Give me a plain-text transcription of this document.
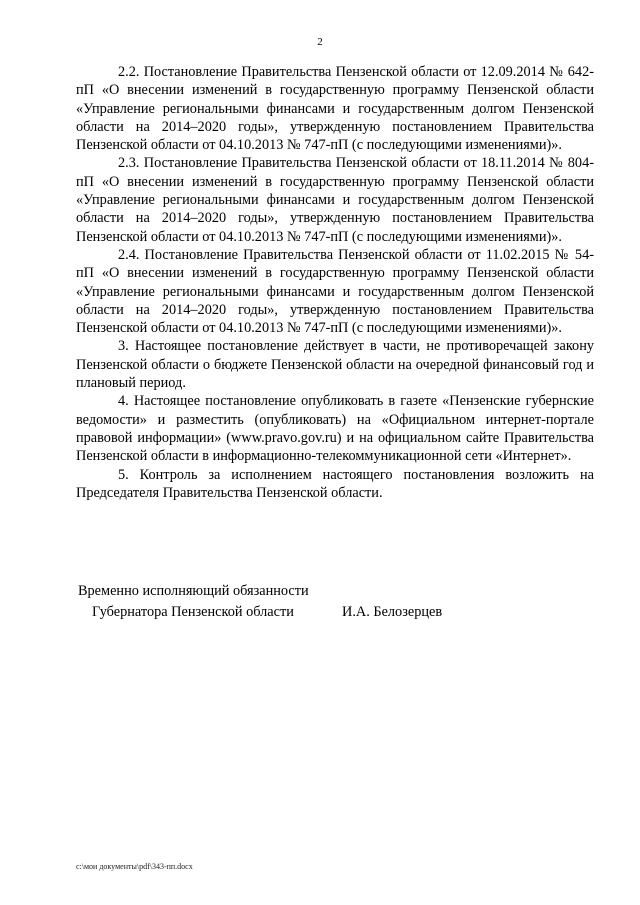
2

2.2. Постановление Правительства Пензенской области от 12.09.2014 № 642-пП «О внесении изменений в государственную программу Пензенской области «Управление региональными финансами и государственным долгом Пензенской области на 2014–2020 годы», утвержденную постановлением Правительства Пензенской области от 04.10.2013 № 747-пП (с последующими изменениями)».

2.3. Постановление Правительства Пензенской области от 18.11.2014 № 804-пП «О внесении изменений в государственную программу Пензенской области «Управление региональными финансами и государственным долгом Пензенской области на 2014–2020 годы», утвержденную постановлением Правительства Пензенской области от 04.10.2013 № 747-пП (с последующими изменениями)».

2.4. Постановление Правительства Пензенской области от 11.02.2015 № 54-пП «О внесении изменений в государственную программу Пензенской области «Управление региональными финансами и государственным долгом Пензенской области на 2014–2020 годы», утвержденную постановлением Правительства Пензенской области от 04.10.2013 № 747-пП (с последующими изменениями)».

3. Настоящее постановление действует в части, не противоречащей закону Пензенской области о бюджете Пензенской области на очередной финансовый год и плановый период.

4. Настоящее постановление опубликовать в газете «Пензенские губернские ведомости» и разместить (опубликовать) на «Официальном интернет-портале правовой информации» (www.pravo.gov.ru) и на официальном сайте Правительства Пензенской области в информационно-телекоммуникационной сети «Интернет».

5. Контроль за исполнением настоящего постановления возложить на Председателя Правительства Пензенской области.

Временно исполняющий обязанности
Губернатора Пензенской области	И.А. Белозерцев
c:\мои документы\pdf\343-пп.docx
